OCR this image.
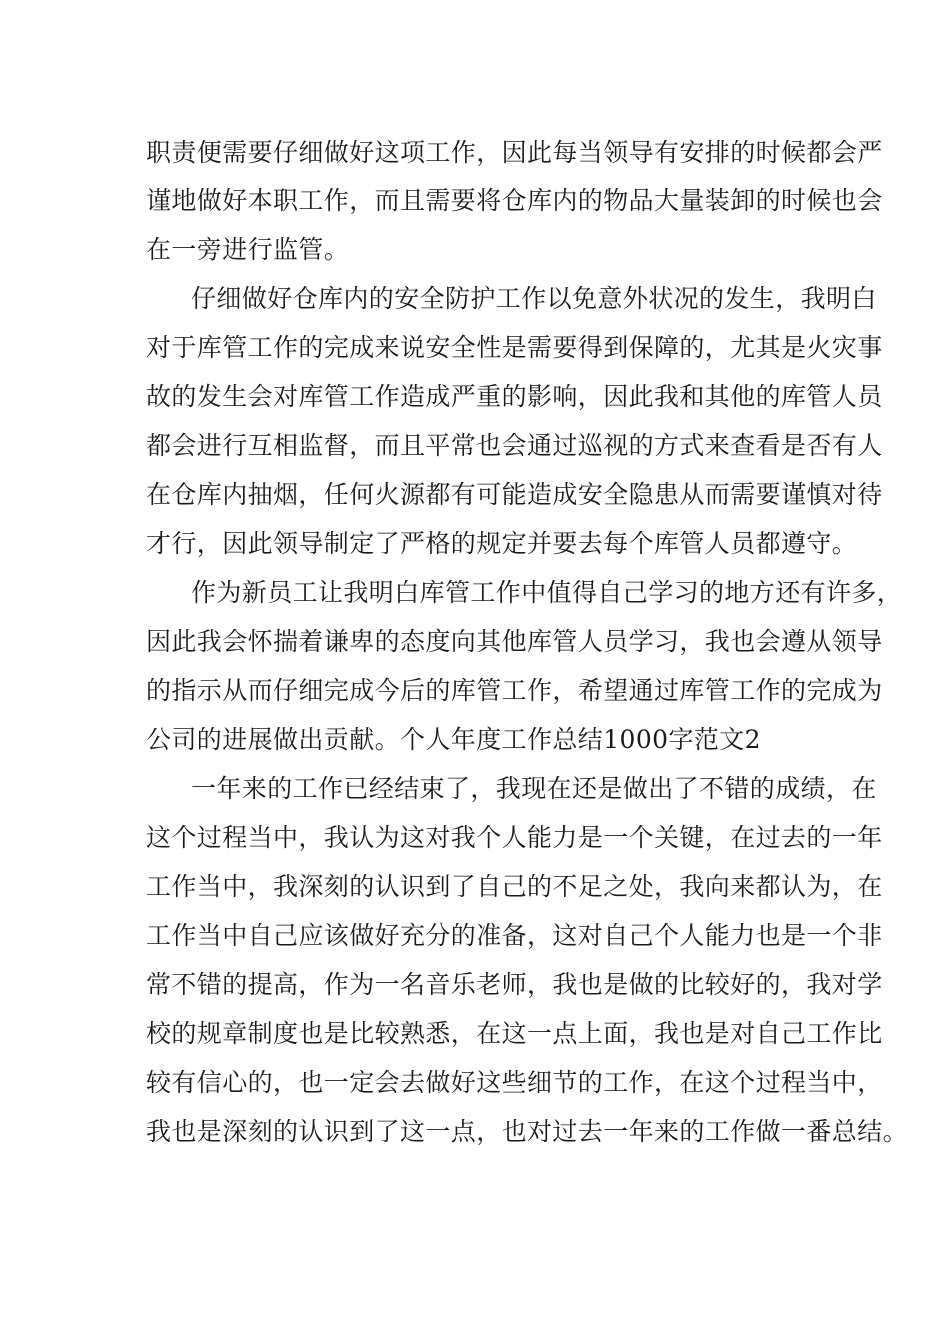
职责便需要仔细做好这项工作，因此每当领导有安排的时候都会严
谨地做好本职工作，而且需要将仓库内的物品大量装卸的时候也会
在一旁进行监管。
仔细做好仓库内的安全防护工作以免意外状况的发生，我明白
对于库管工作的完成来说安全性是需要得到保障的，尤其是火灾事
故的发生会对库管工作造成严重的影响，因此我和其他的库管人员
都会进行互相监督，而且平常也会通过巡视的方式来查看是否有人
在仓库内抽烟，任何火源都有可能造成安全隐患从而需要谨慎对待
才行，因此领导制定了严格的规定并要去每个库管人员都遵守。
作为新员工让我明白库管工作中值得自己学习的地方还有许多，
因此我会怀揣着谦卑的态度向其他库管人员学习，我也会遵从领导
的指示从而仔细完成今后的库管工作，希望通过库管工作的完成为
公司的进展做出贡献。个人年度工作总结1000字范文2
一年来的工作已经结束了，我现在还是做出了不错的成绩，在
这个过程当中，我认为这对我个人能力是一个关键，在过去的一年
工作当中，我深刻的认识到了自己的不足之处，我向来都认为，在
工作当中自己应该做好充分的准备，这对自己个人能力也是一个非
常不错的提高，作为一名音乐老师，我也是做的比较好的，我对学
校的规章制度也是比较熟悉，在这一点上面，我也是对自己工作比
较有信心的，也一定会去做好这些细节的工作，在这个过程当中，
我也是深刻的认识到了这一点，也对过去一年来的工作做一番总结。
